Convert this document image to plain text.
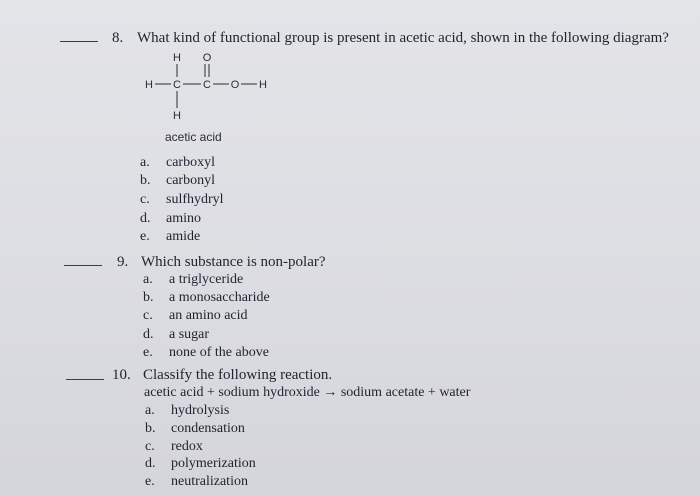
8. What kind of functional group is present in acetic acid, shown in the following diagram?
H O
H C C O H
H
acetic acid
a. carboxyl
b. carbonyl
c. sulfhydryl
d. amino
e. amide
9. Which substance is non-polar?
a. a triglyceride
b. a monosaccharide
c. an amino acid
d. a sugar
e. none of the above
10. Classify the following reaction.
acetic acid + sodium hydroxide → sodium acetate + water
a. hydrolysis
b. condensation
c. redox
d. polymerization
e. neutralization
